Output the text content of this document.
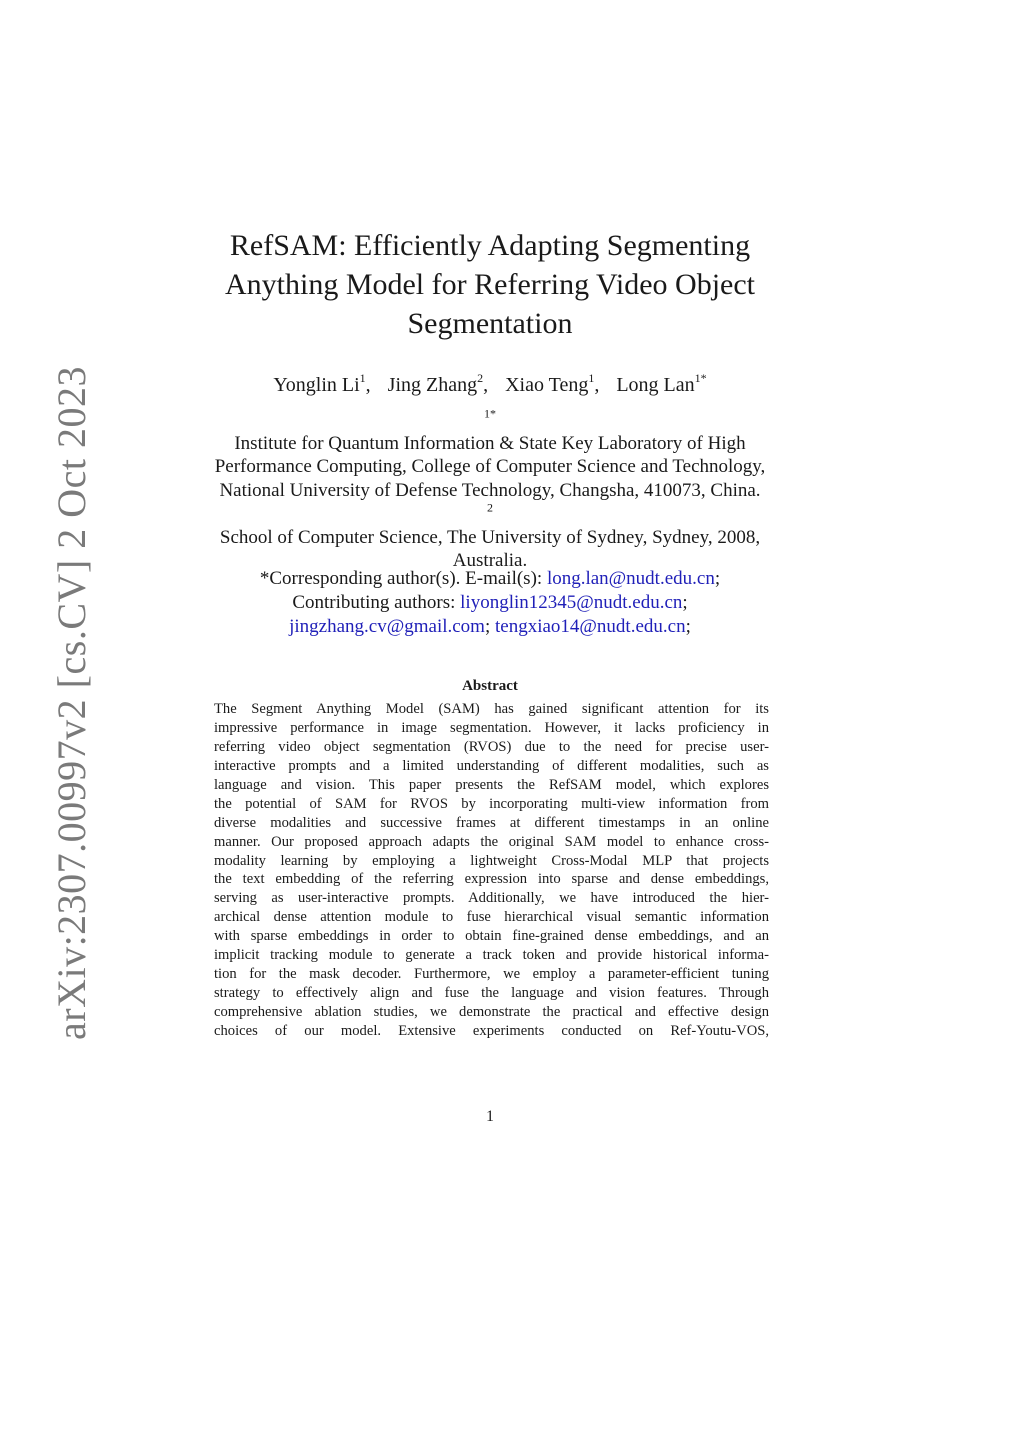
arXiv:2307.00997v2 [cs.CV] 2 Oct 2023
RefSAM: Efficiently Adapting Segmenting
Anything Model for Referring Video Object
Segmentation
Yonglin Li$^1$, Jing Zhang$^2$, Xiao Teng$^1$, Long Lan$^{1*}$
$^{1*}$
Institute for Quantum Information & State Key Laboratory of High
Performance Computing, College of Computer Science and Technology,
National University of Defense Technology, Changsha, 410073, China.
$^2$
School of Computer Science, The University of Sydney, Sydney, 2008,
Australia.
*Corresponding author(s). E-mail(s): long.lan@nudt.edu.cn;
Contributing authors: liyonglin12345@nudt.edu.cn;
jingzhang.cv@gmail.com; tengxiao14@nudt.edu.cn;
Abstract
The Segment Anything Model (SAM) has gained significant attention for its
impressive performance in image segmentation. However, it lacks proficiency in
referring video object segmentation (RVOS) due to the need for precise user-
interactive prompts and a limited understanding of different modalities, such as
language and vision. This paper presents the RefSAM model, which explores
the potential of SAM for RVOS by incorporating multi-view information from
diverse modalities and successive frames at different timestamps in an online
manner. Our proposed approach adapts the original SAM model to enhance cross-
modality learning by employing a lightweight Cross-Modal MLP that projects
the text embedding of the referring expression into sparse and dense embeddings,
serving as user-interactive prompts. Additionally, we have introduced the hier-
archical dense attention module to fuse hierarchical visual semantic information
with sparse embeddings in order to obtain fine-grained dense embeddings, and an
implicit tracking module to generate a track token and provide historical informa-
tion for the mask decoder. Furthermore, we employ a parameter-efficient tuning
strategy to effectively align and fuse the language and vision features. Through
comprehensive ablation studies, we demonstrate the practical and effective design
choices of our model. Extensive experiments conducted on Ref-Youtu-VOS,
1
